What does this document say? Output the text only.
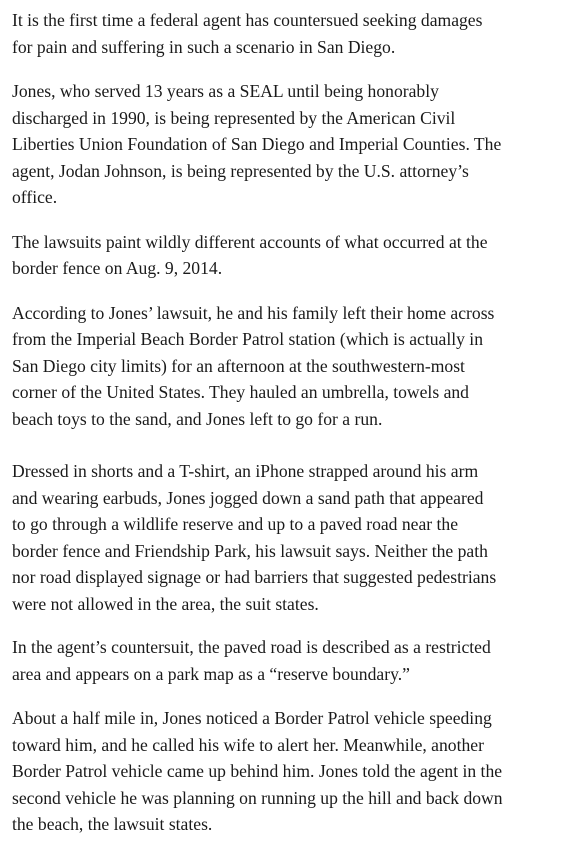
It is the first time a federal agent has countersued seeking damages
for pain and suffering in such a scenario in San Diego.

Jones, who served 13 years as a SEAL until being honorably
discharged in 1990, is being represented by the American Civil
Liberties Union Foundation of San Diego and Imperial Counties. The
agent, Jodan Johnson, is being represented by the U.S. attorney’s
office.

The lawsuits paint wildly different accounts of what occurred at the
border fence on Aug. 9, 2014.

According to Jones’ lawsuit, he and his family left their home across
from the Imperial Beach Border Patrol station (which is actually in
San Diego city limits) for an afternoon at the southwestern-most
corner of the United States. They hauled an umbrella, towels and
beach toys to the sand, and Jones left to go for a run.

Dressed in shorts and a T-shirt, an iPhone strapped around his arm
and wearing earbuds, Jones jogged down a sand path that appeared
to go through a wildlife reserve and up to a paved road near the
border fence and Friendship Park, his lawsuit says. Neither the path
nor road displayed signage or had barriers that suggested pedestrians
were not allowed in the area, the suit states.

In the agent’s countersuit, the paved road is described as a restricted
area and appears on a park map as a “reserve boundary.”

About a half mile in, Jones noticed a Border Patrol vehicle speeding
toward him, and he called his wife to alert her. Meanwhile, another
Border Patrol vehicle came up behind him. Jones told the agent in the
second vehicle he was planning on running up the hill and back down
the beach, the lawsuit states.
